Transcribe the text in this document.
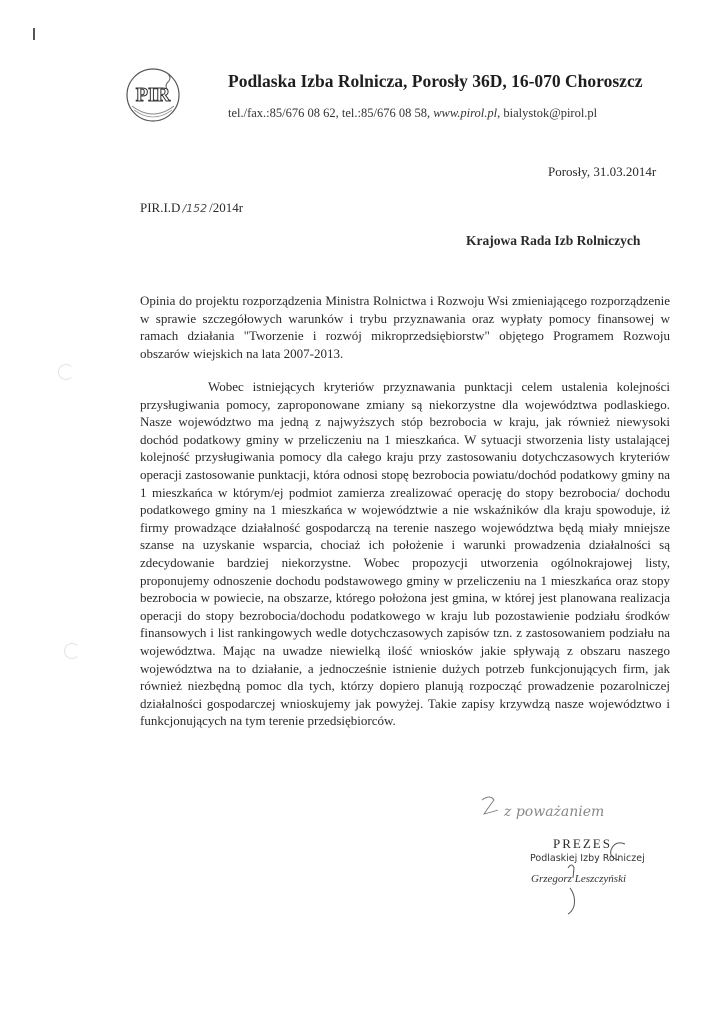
PIR
Podlaska Izba Rolnicza, Porosły 36D, 16-070 Choroszcz
tel./fax.:85/676 08 62, tel.:85/676 08 58, www.pirol.pl, bialystok@pirol.pl
Porosły, 31.03.2014r
PIR.I.D /152 /2014r
Krajowa Rada Izb Rolniczych

Opinia do projektu rozporządzenia Ministra Rolnictwa i Rozwoju Wsi zmieniającego rozporządzenie w sprawie szczegółowych warunków i trybu przyznawania oraz wypłaty pomocy finansowej w ramach działania "Tworzenie i rozwój mikroprzedsiębiorstw" objętego Programem Rozwoju obszarów wiejskich na lata 2007-2013.

Wobec istniejących kryteriów przyznawania punktacji celem ustalenia kolejności przysługiwania pomocy, zaproponowane zmiany są niekorzystne dla województwa podlaskiego. Nasze województwo ma jedną z najwyższych stóp bezrobocia w kraju, jak również niewysoki dochód podatkowy gminy w przeliczeniu na 1 mieszkańca. W sytuacji stworzenia listy ustalającej kolejność przysługiwania pomocy dla całego kraju przy zastosowaniu dotychczasowych kryteriów operacji zastosowanie punktacji, która odnosi stopę bezrobocia powiatu/dochód podatkowy gminy na 1 mieszkańca w którym/ej podmiot zamierza zrealizować operację do stopy bezrobocia/ dochodu podatkowego gminy na 1 mieszkańca w województwie a nie wskaźników dla kraju spowoduje, iż firmy prowadzące działalność gospodarczą na terenie naszego województwa będą miały mniejsze szanse na uzyskanie wsparcia, chociaż ich położenie i warunki prowadzenia działalności są zdecydowanie bardziej niekorzystne. Wobec propozycji utworzenia ogólnokrajowej listy, proponujemy odnoszenie dochodu podstawowego gminy w przeliczeniu na 1 mieszkańca oraz stopy bezrobocia w powiecie, na obszarze, którego położona jest gmina, w której jest planowana realizacja operacji do stopy bezrobocia/dochodu podatkowego w kraju lub pozostawienie podziału środków finansowych i list rankingowych wedle dotychczasowych zapisów tzn. z zastosowaniem podziału na województwa. Mając na uwadze niewielką ilość wniosków jakie spływają z obszaru naszego województwa na to działanie, a jednocześnie istnienie dużych potrzeb funkcjonujących firm, jak również niezbędną pomoc dla tych, którzy dopiero planują rozpocząć prowadzenie pozarolniczej działalności gospodarczej wnioskujemy jak powyżej. Takie zapisy krzywdzą nasze województwo i funkcjonujących na tym terenie przedsiębiorców.

z poważaniem
PREZES
Podlaskiej Izby Rolniczej
Grzegorz Leszczyński
